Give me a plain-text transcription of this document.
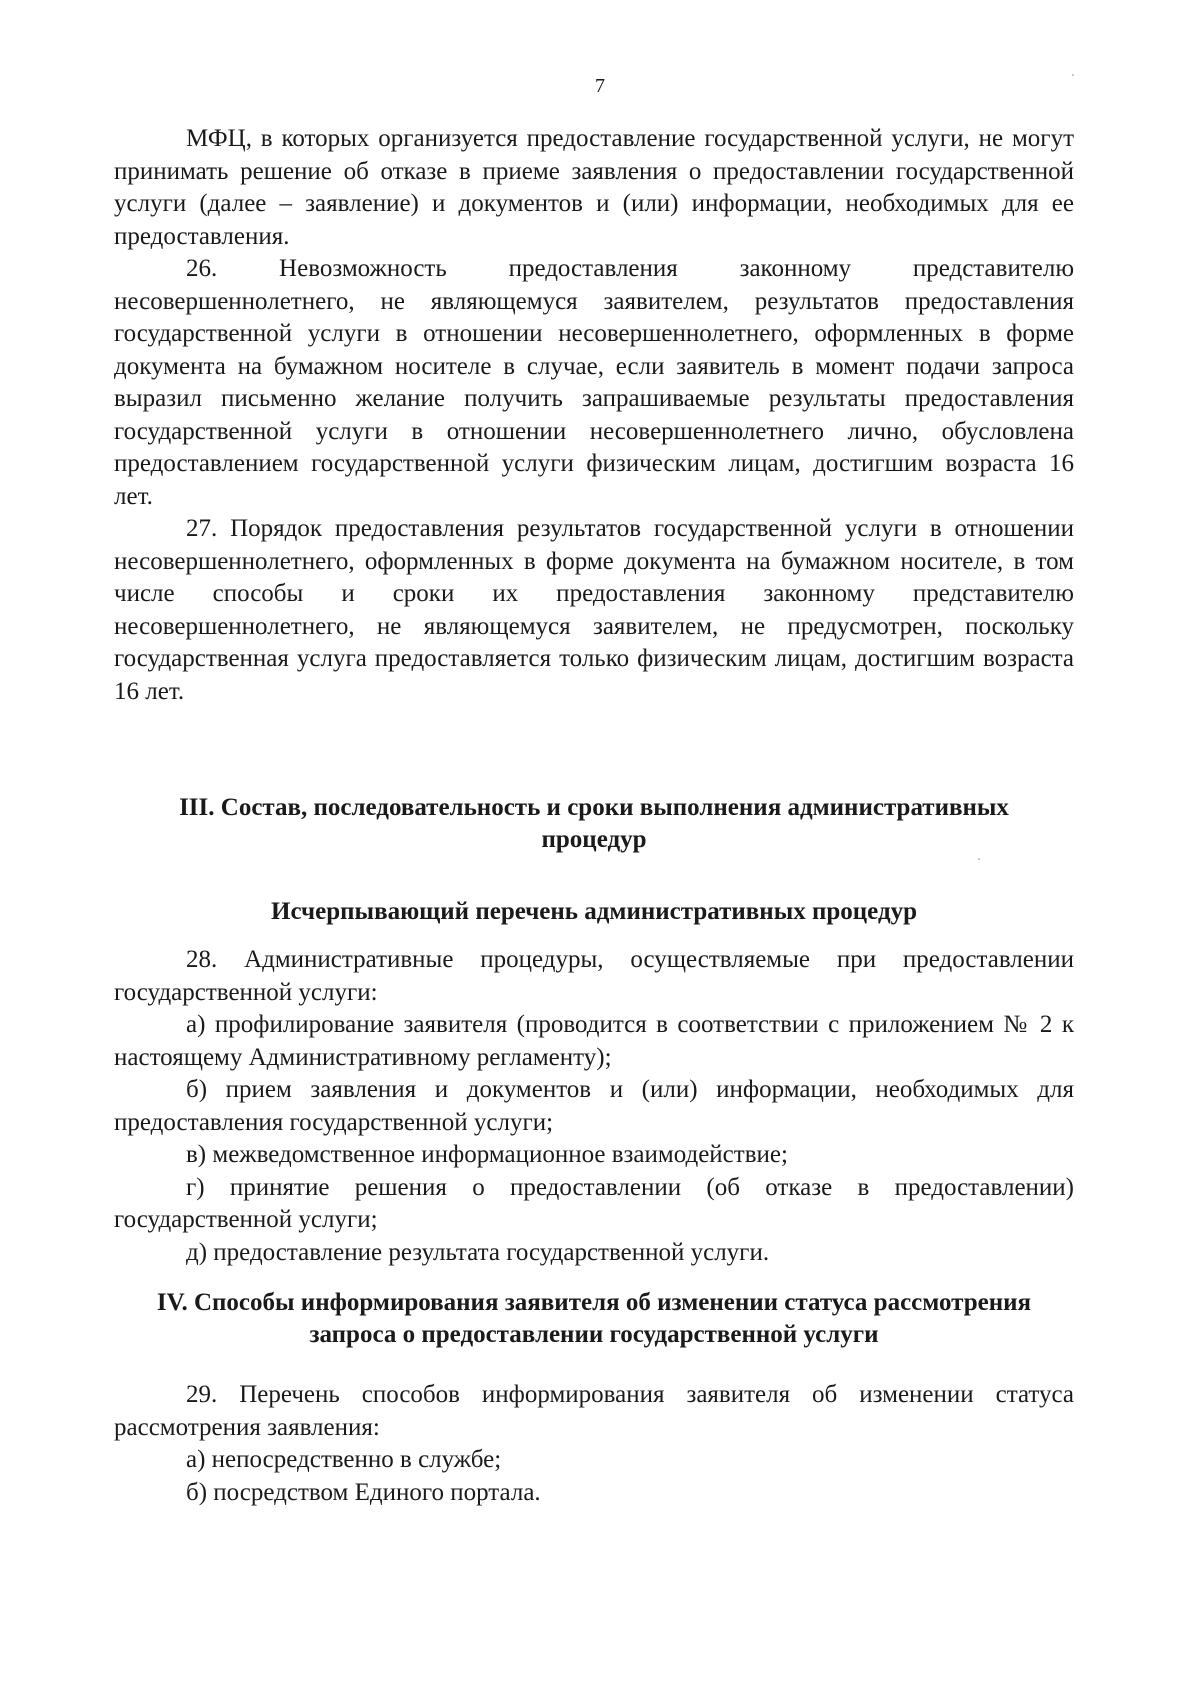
7

МФЦ, в которых организуется предоставление государственной услуги, не могут принимать решение об отказе в приеме заявления о предоставлении государственной услуги (далее – заявление) и документов и (или) информации, необходимых для ее предоставления.

26. Невозможность предоставления законному представителю несовершеннолетнего, не являющемуся заявителем, результатов предоставления государственной услуги в отношении несовершеннолетнего, оформленных в форме документа на бумажном носителе в случае, если заявитель в момент подачи запроса выразил письменно желание получить запрашиваемые результаты предоставления государственной услуги в отношении несовершеннолетнего лично, обусловлена предоставлением государственной услуги физическим лицам, достигшим возраста 16 лет.

27. Порядок предоставления результатов государственной услуги в отношении несовершеннолетнего, оформленных в форме документа на бумажном носителе, в том числе способы и сроки их предоставления законному представителю несовершеннолетнего, не являющемуся заявителем, не предусмотрен, поскольку государственная услуга предоставляется только физическим лицам, достигшим возраста 16 лет.

III. Состав, последовательность и сроки выполнения административных процедур
Исчерпывающий перечень административных процедур

28. Административные процедуры, осуществляемые при предоставлении государственной услуги:

а) профилирование заявителя (проводится в соответствии с приложением № 2 к настоящему Административному регламенту);

б) прием заявления и документов и (или) информации, необходимых для предоставления государственной услуги;

в) межведомственное информационное взаимодействие;

г) принятие решения о предоставлении (об отказе в предоставлении) государственной услуги;

д) предоставление результата государственной услуги.

IV. Способы информирования заявителя об изменении статуса рассмотрения запроса о предоставлении государственной услуги

29. Перечень способов информирования заявителя об изменении статуса рассмотрения заявления:

а) непосредственно в службе;

б) посредством Единого портала.
